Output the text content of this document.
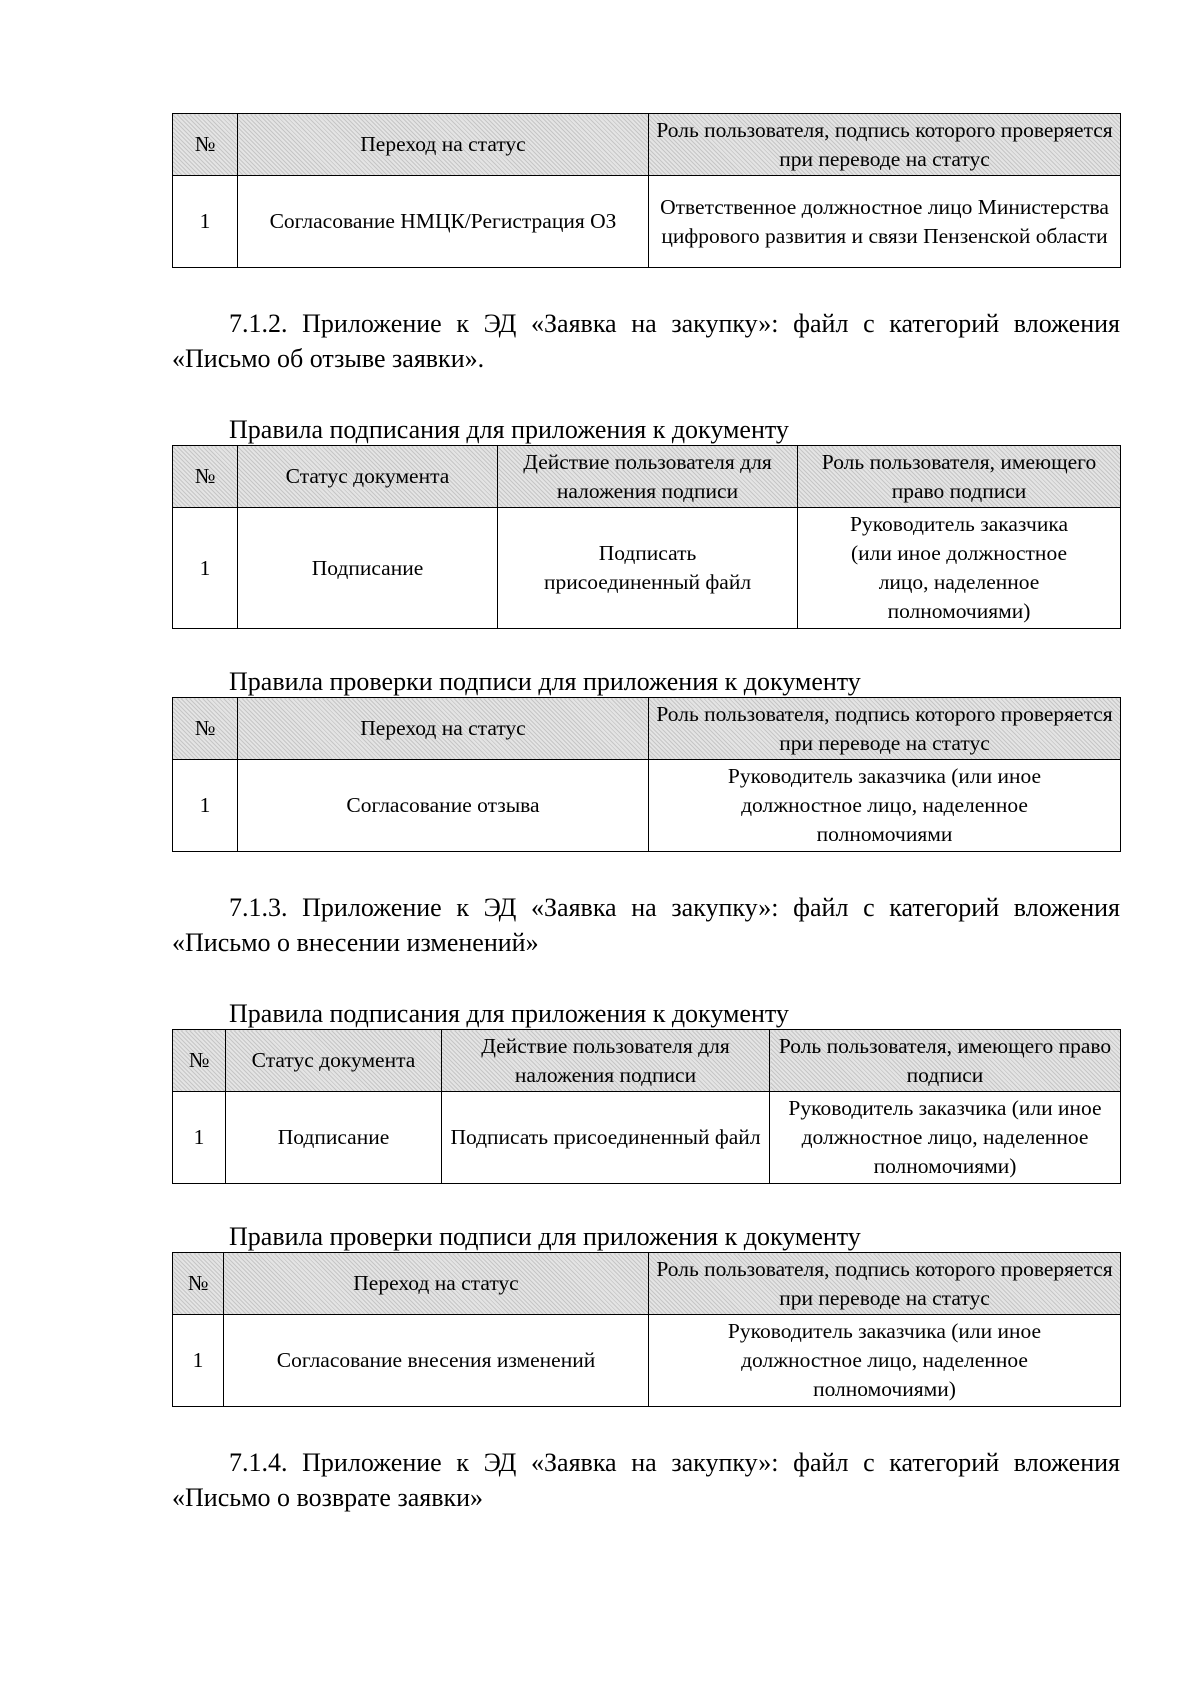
№	Переход на статус	Роль пользователя, подпись которого проверяется при переводе на статус
1	Согласование НМЦК/Регистрация ОЗ	Ответственное должностное лицо Министерства цифрового развития и связи Пензенской области

7.1.2. Приложение к ЭД «Заявка на закупку»: файл с категорий вложения «Письмо об отзыве заявки».

Правила подписания для приложения к документу

№	Статус документа	Действие пользователя для наложения подписи	Роль пользователя, имеющего право подписи
1	Подписание	Подписать присоединенный файл	Руководитель заказчика (или иное должностное лицо, наделенное полномочиями)

Правила проверки подписи для приложения к документу

№	Переход на статус	Роль пользователя, подпись которого проверяется при переводе на статус
1	Согласование отзыва	Руководитель заказчика (или иное должностное лицо, наделенное полномочиями

7.1.3. Приложение к ЭД «Заявка на закупку»: файл с категорий вложения «Письмо о внесении изменений»

Правила подписания для приложения к документу

№	Статус документа	Действие пользователя для наложения подписи	Роль пользователя, имеющего право подписи
1	Подписание	Подписать присоединенный файл	Руководитель заказчика (или иное должностное лицо, наделенное полномочиями)

Правила проверки подписи для приложения к документу

№	Переход на статус	Роль пользователя, подпись которого проверяется при переводе на статус
1	Согласование внесения изменений	Руководитель заказчика (или иное должностное лицо, наделенное полномочиями)

7.1.4. Приложение к ЭД «Заявка на закупку»: файл с категорий вложения «Письмо о возврате заявки»
